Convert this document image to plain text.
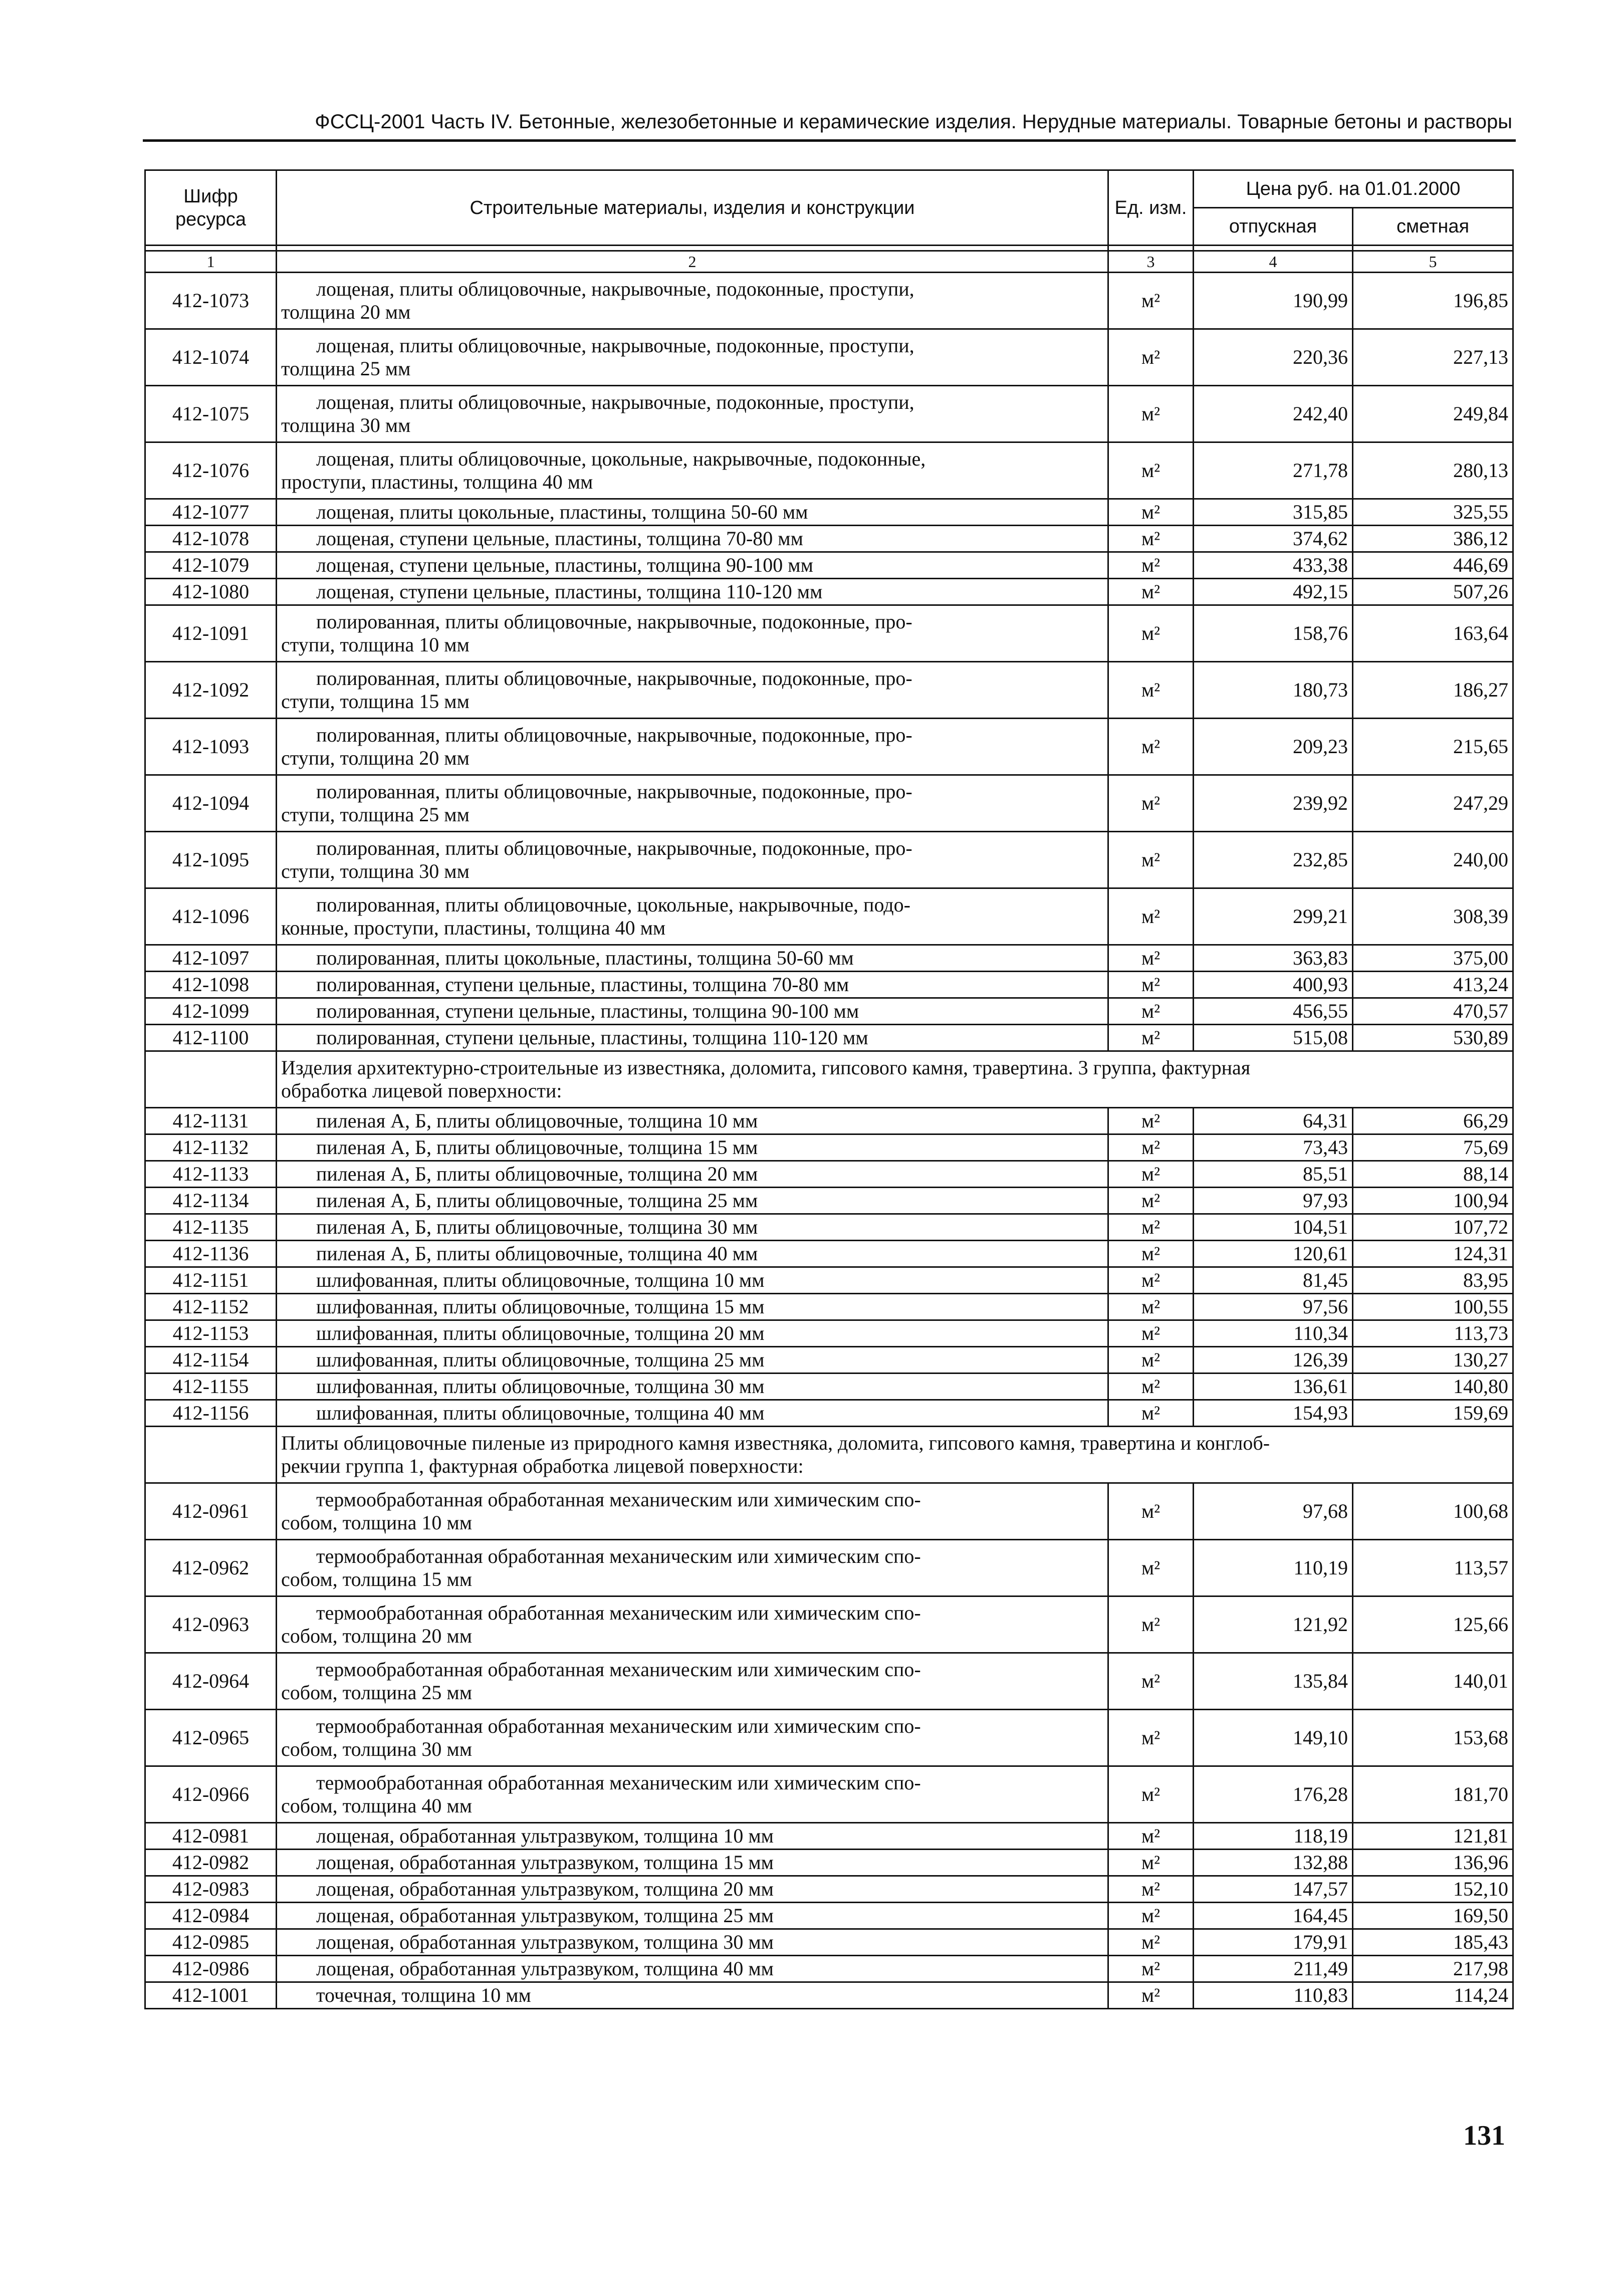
ФССЦ-2001 Часть IV. Бетонные, железобетонные и керамические изделия. Нерудные материалы. Товарные бетоны и растворы
Шифр ресурса	Строительные материалы, изделия и конструкции	Ед. изм.	Цена руб. на 01.01.2000	
			отпускная	сметная

1	2	3	4	5
412-1073	лощеная, плиты облицовочные, накрывочные, подоконные, проступи,
толщина 20 мм	м²	190,99	196,85
412-1074	лощеная, плиты облицовочные, накрывочные, подоконные, проступи,
толщина 25 мм	м²	220,36	227,13
412-1075	лощеная, плиты облицовочные, накрывочные, подоконные, проступи,
толщина 30 мм	м²	242,40	249,84
412-1076	лощеная, плиты облицовочные, цокольные, накрывочные, подоконные,
проступи, пластины, толщина 40 мм	м²	271,78	280,13
412-1077	лощеная, плиты цокольные, пластины, толщина 50-60 мм	м²	315,85	325,55
412-1078	лощеная, ступени цельные, пластины, толщина 70-80 мм	м²	374,62	386,12
412-1079	лощеная, ступени цельные, пластины, толщина 90-100 мм	м²	433,38	446,69
412-1080	лощеная, ступени цельные, пластины, толщина 110-120 мм	м²	492,15	507,26
412-1091	полированная, плиты облицовочные, накрывочные, подоконные, про-
ступи, толщина 10 мм	м²	158,76	163,64
412-1092	полированная, плиты облицовочные, накрывочные, подоконные, про-
ступи, толщина 15 мм	м²	180,73	186,27
412-1093	полированная, плиты облицовочные, накрывочные, подоконные, про-
ступи, толщина 20 мм	м²	209,23	215,65
412-1094	полированная, плиты облицовочные, накрывочные, подоконные, про-
ступи, толщина 25 мм	м²	239,92	247,29
412-1095	полированная, плиты облицовочные, накрывочные, подоконные, про-
ступи, толщина 30 мм	м²	232,85	240,00
412-1096	полированная, плиты облицовочные, цокольные, накрывочные, подо-
конные, проступи, пластины, толщина 40 мм	м²	299,21	308,39
412-1097	полированная, плиты цокольные, пластины, толщина 50-60 мм	м²	363,83	375,00
412-1098	полированная, ступени цельные, пластины, толщина 70-80 мм	м²	400,93	413,24
412-1099	полированная, ступени цельные, пластины, толщина 90-100 мм	м²	456,55	470,57
412-1100	полированная, ступени цельные, пластины, толщина 110-120 мм	м²	515,08	530,89

	Изделия архитектурно-строительные из известняка, доломита, гипсового камня, травертина. 3 группа, фактурная
обработка лицевой поверхности:			

412-1131	пиленая А, Б, плиты облицовочные, толщина 10 мм	м²	64,31	66,29
412-1132	пиленая А, Б, плиты облицовочные, толщина 15 мм	м²	73,43	75,69
412-1133	пиленая А, Б, плиты облицовочные, толщина 20 мм	м²	85,51	88,14
412-1134	пиленая А, Б, плиты облицовочные, толщина 25 мм	м²	97,93	100,94
412-1135	пиленая А, Б, плиты облицовочные, толщина 30 мм	м²	104,51	107,72
412-1136	пиленая А, Б, плиты облицовочные, толщина 40 мм	м²	120,61	124,31
412-1151	шлифованная, плиты облицовочные, толщина 10 мм	м²	81,45	83,95
412-1152	шлифованная, плиты облицовочные, толщина 15 мм	м²	97,56	100,55
412-1153	шлифованная, плиты облицовочные, толщина 20 мм	м²	110,34	113,73
412-1154	шлифованная, плиты облицовочные, толщина 25 мм	м²	126,39	130,27
412-1155	шлифованная, плиты облицовочные, толщина 30 мм	м²	136,61	140,80
412-1156	шлифованная, плиты облицовочные, толщина 40 мм	м²	154,93	159,69

	Плиты облицовочные пиленые из природного камня известняка, доломита, гипсового камня, травертина и конглоб-
рекчии группа 1, фактурная обработка лицевой поверхности:			

412-0961	термообработанная обработанная механическим или химическим спо-
собом, толщина 10 мм	м²	97,68	100,68
412-0962	термообработанная обработанная механическим или химическим спо-
собом, толщина 15 мм	м²	110,19	113,57
412-0963	термообработанная обработанная механическим или химическим спо-
собом, толщина 20 мм	м²	121,92	125,66
412-0964	термообработанная обработанная механическим или химическим спо-
собом, толщина 25 мм	м²	135,84	140,01
412-0965	термообработанная обработанная механическим или химическим спо-
собом, толщина 30 мм	м²	149,10	153,68
412-0966	термообработанная обработанная механическим или химическим спо-
собом, толщина 40 мм	м²	176,28	181,70
412-0981	лощеная, обработанная ультразвуком, толщина 10 мм	м²	118,19	121,81
412-0982	лощеная, обработанная ультразвуком, толщина 15 мм	м²	132,88	136,96
412-0983	лощеная, обработанная ультразвуком, толщина 20 мм	м²	147,57	152,10
412-0984	лощеная, обработанная ультразвуком, толщина 25 мм	м²	164,45	169,50
412-0985	лощеная, обработанная ультразвуком, толщина 30 мм	м²	179,91	185,43
412-0986	лощеная, обработанная ультразвуком, толщина 40 мм	м²	211,49	217,98
412-1001	точечная, толщина 10 мм	м²	110,83	114,24
131
